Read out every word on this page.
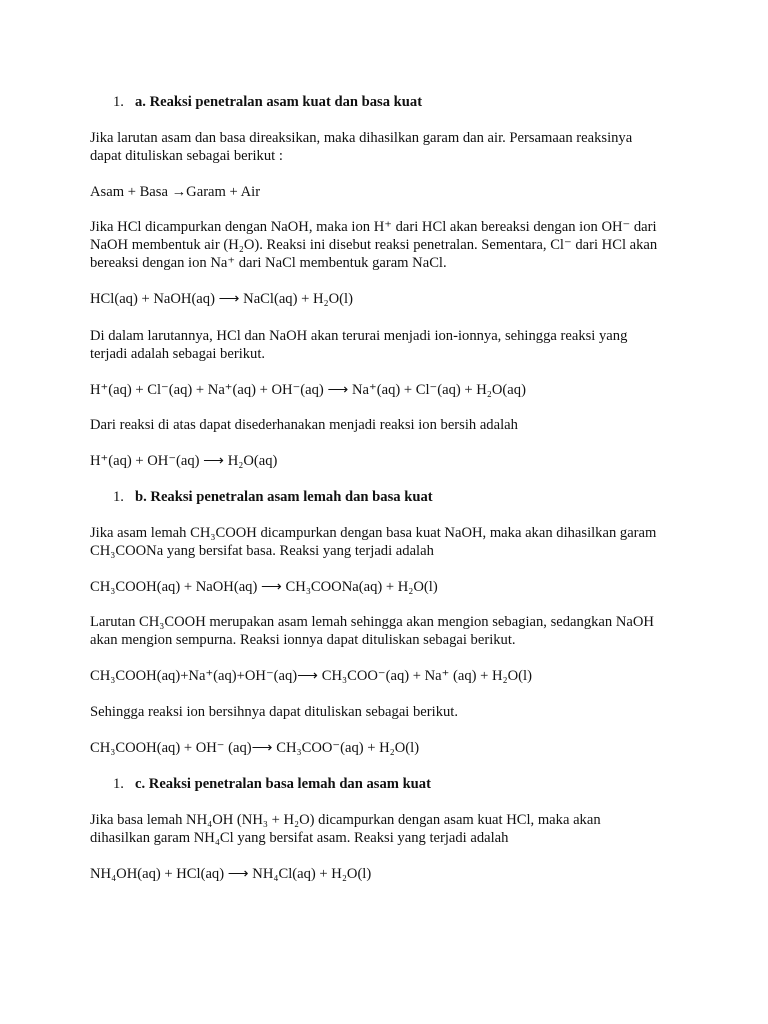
1. a. Reaksi penetralan asam kuat dan basa kuat
Jika larutan asam dan basa direaksikan, maka dihasilkan garam dan air. Persamaan reaksinya
dapat dituliskan sebagai berikut :
Asam + Basa →Garam + Air
Jika HCl dicampurkan dengan NaOH, maka ion H⁺ dari HCl akan bereaksi dengan ion OH⁻ dari
NaOH membentuk air (H₂O). Reaksi ini disebut reaksi penetralan. Sementara, Cl⁻ dari HCl akan
bereaksi dengan ion Na⁺ dari NaCl membentuk garam NaCl.
HCl(aq) + NaOH(aq) ⟶ NaCl(aq) + H₂O(l)
Di dalam larutannya, HCl dan NaOH akan terurai menjadi ion-ionnya, sehingga reaksi yang
terjadi adalah sebagai berikut.
H⁺(aq) + Cl⁻(aq) + Na⁺(aq) + OH⁻(aq) ⟶ Na⁺(aq) + Cl⁻(aq) + H₂O(aq)
Dari reaksi di atas dapat disederhanakan menjadi reaksi ion bersih adalah
H⁺(aq) + OH⁻(aq) ⟶ H₂O(aq)
1. b. Reaksi penetralan asam lemah dan basa kuat
Jika asam lemah CH₃COOH dicampurkan dengan basa kuat NaOH, maka akan dihasilkan garam
CH₃COONa yang bersifat basa. Reaksi yang terjadi adalah
CH₃COOH(aq) + NaOH(aq) ⟶ CH₃COONa(aq) + H₂O(l)
Larutan CH₃COOH merupakan asam lemah sehingga akan mengion sebagian, sedangkan NaOH
akan mengion sempurna. Reaksi ionnya dapat dituliskan sebagai berikut.
CH₃COOH(aq)+Na⁺(aq)+OH⁻(aq)⟶ CH₃COO⁻(aq) + Na⁺ (aq) + H₂O(l)
Sehingga reaksi ion bersihnya dapat dituliskan sebagai berikut.
CH₃COOH(aq) + OH⁻ (aq)⟶ CH₃COO⁻(aq) + H₂O(l)
1. c. Reaksi penetralan basa lemah dan asam kuat
Jika basa lemah NH₄OH (NH₃ + H₂O) dicampurkan dengan asam kuat HCl, maka akan
dihasilkan garam NH₄Cl yang bersifat asam. Reaksi yang terjadi adalah
NH₄OH(aq) + HCl(aq) ⟶ NH₄Cl(aq) + H₂O(l)
